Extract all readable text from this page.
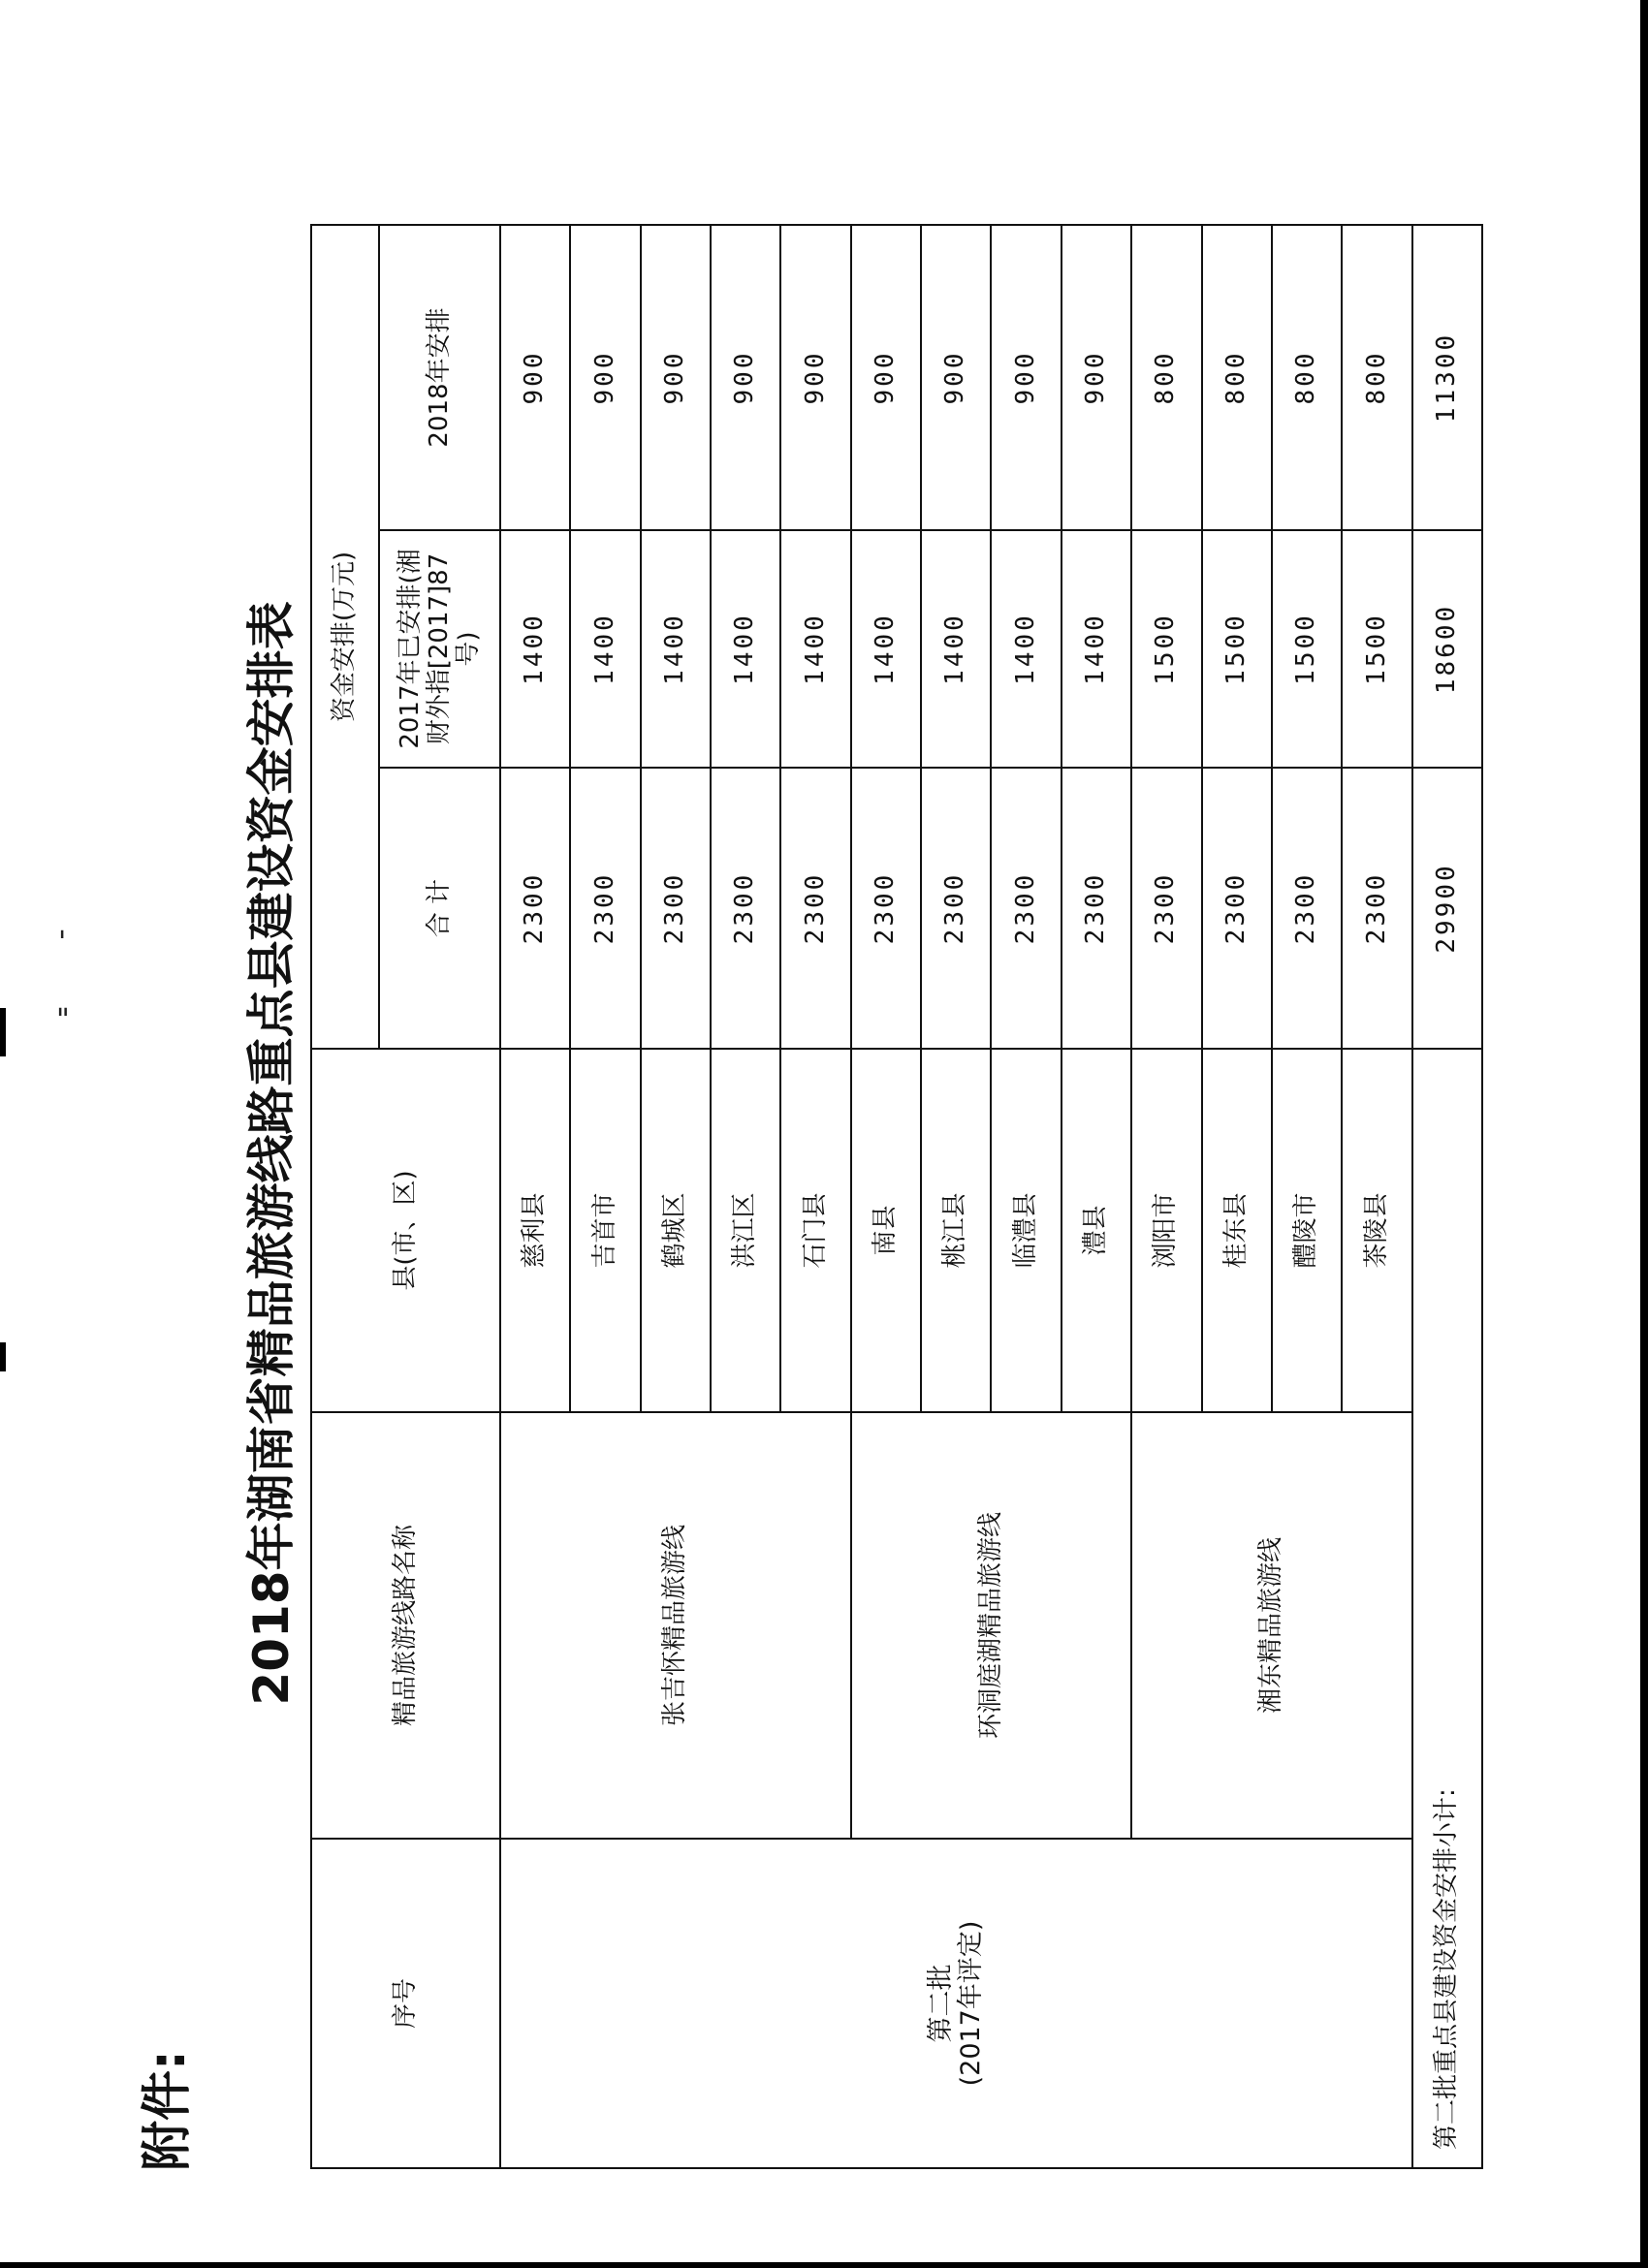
"
'
附件:
2018年湖南省精品旅游线路重点县建设资金安排表
序号	精品旅游线路名称	县(市、区)	资金安排(万元)		
			合 计	2017年已安排(湘财外指[2017]87号)	2018年安排

第二批 (2017年评定)	张吉怀精品旅游线	慈利县	2300	1400	900
		吉首市	2300	1400	900
		鹤城区	2300	1400	900
		洪江区	2300	1400	900
		石门县	2300	1400	900
	环洞庭湖精品旅游线	南县	2300	1400	900
		桃江县	2300	1400	900
		临澧县	2300	1400	900
		澧县	2300	1400	900
	湘东精品旅游线	浏阳市	2300	1500	800
		桂东县	2300	1500	800
		醴陵市	2300	1500	800
		茶陵县	2300	1500	800
第二批重点县建设资金安排小计:			29900	18600	11300
